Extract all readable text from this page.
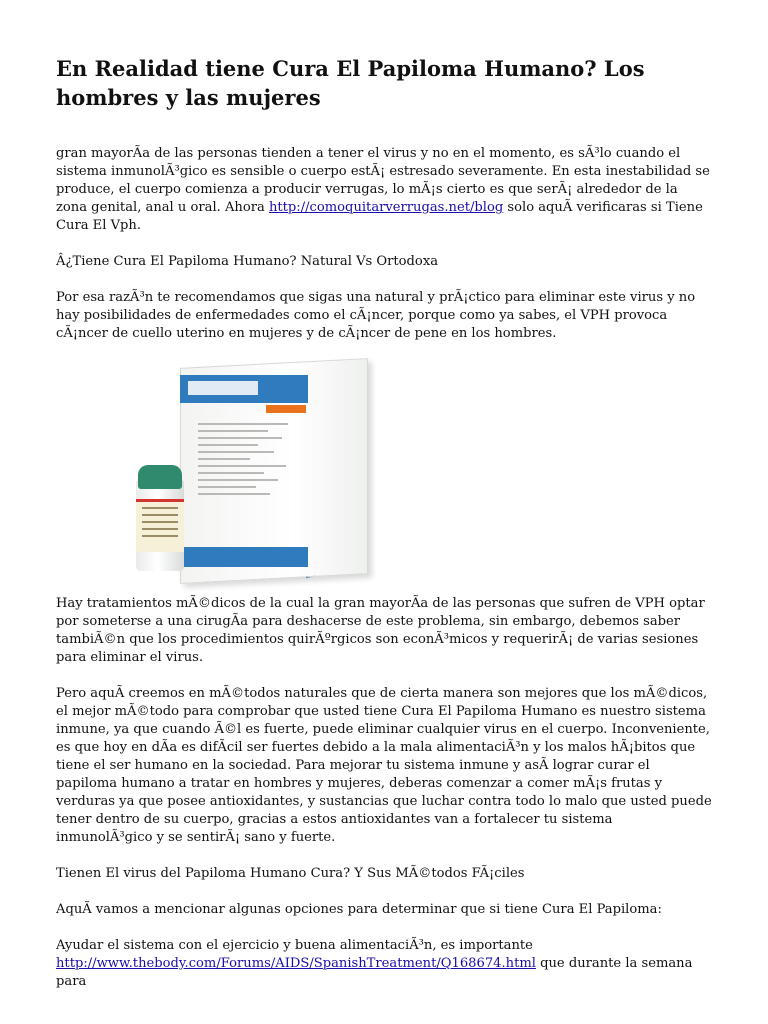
En Realidad tiene Cura El Papiloma Humano? Los hombres y las mujeres

gran mayorÃa de las personas tienden a tener el virus y no en el momento, es sÃ³lo cuando el sistema inmunolÃ³gico es sensible o cuerpo estÃ¡ estresado severamente. En esta inestabilidad se produce, el cuerpo comienza a producir verrugas, lo mÃ¡s cierto es que serÃ¡ alrededor de la zona genital, anal u oral. Ahora http://comoquitarverrugas.net/blog solo aquÃ verificaras si Tiene Cura El Vph.

Â¿Tiene Cura El Papiloma Humano? Natural Vs Ortodoxa

Por esa razÃ³n te recomendamos que sigas una natural y prÃ¡ctico para eliminar este virus y no hay posibilidades de enfermedades como el cÃ¡ncer, porque como ya sabes, el VPH provoca cÃ¡ncer de cuello uterino en mujeres y de cÃ¡ncer de pene en los hombres.

Hay tratamientos mÃ©dicos de la cual la gran mayorÃa de las personas que sufren de VPH optar por someterse a una cirugÃa para deshacerse de este problema, sin embargo, debemos saber tambiÃ©n que los procedimientos quirÃºrgicos son econÃ³micos y requerirÃ¡ de varias sesiones para eliminar el virus.

Pero aquÃ creemos en mÃ©todos naturales que de cierta manera son mejores que los mÃ©dicos, el mejor mÃ©todo para comprobar que usted tiene Cura El Papiloma Humano es nuestro sistema inmune, ya que cuando Ã©l es fuerte, puede eliminar cualquier virus en el cuerpo. Inconveniente, es que hoy en dÃa es difÃcil ser fuertes debido a la mala alimentaciÃ³n y los malos hÃ¡bitos que tiene el ser humano en la sociedad. Para mejorar tu sistema inmune y asÃ lograr curar el papiloma humano a tratar en hombres y mujeres, deberas comenzar a comer mÃ¡s frutas y verduras ya que posee antioxidantes, y sustancias que luchar contra todo lo malo que usted puede tener dentro de su cuerpo, gracias a estos antioxidantes van a fortalecer tu sistema inmunolÃ³gico y se sentirÃ¡ sano y fuerte.

Tienen El virus del Papiloma Humano Cura? Y Sus MÃ©todos FÃ¡ciles

AquÃ vamos a mencionar algunas opciones para determinar que si tiene Cura El Papiloma:

Ayudar el sistema con el ejercicio y buena alimentaciÃ³n, es importante http://www.thebody.com/Forums/AIDS/SpanishTreatment/Q168674.html que durante la semana para
